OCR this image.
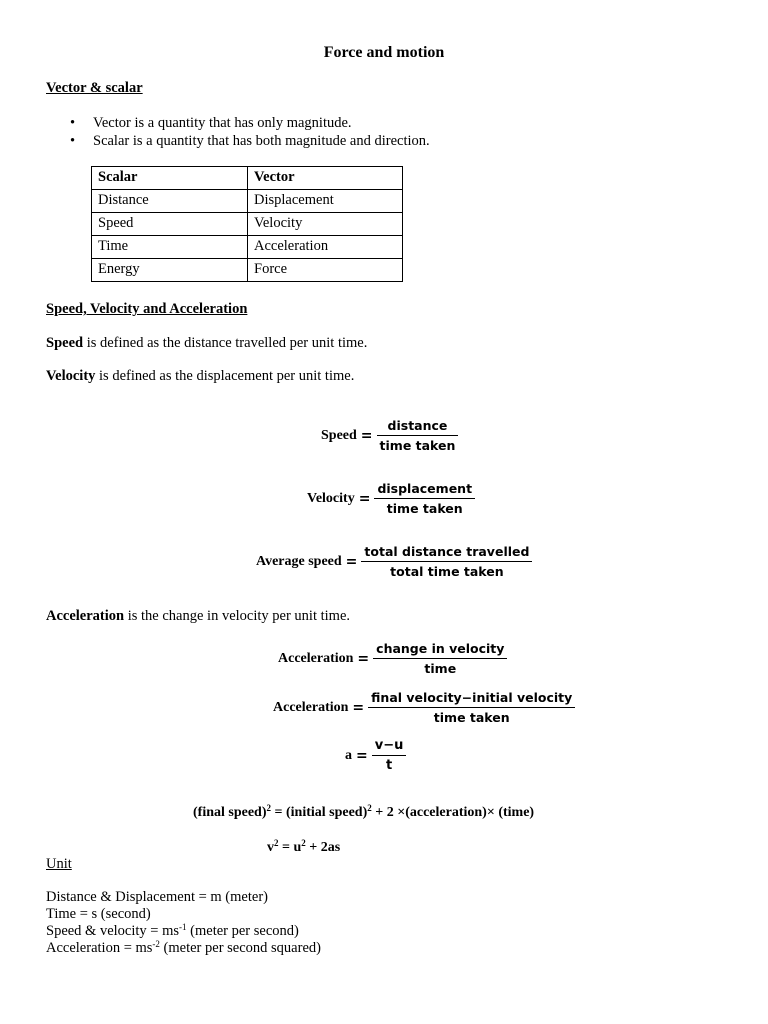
Force and motion
Vector & scalar
• Vector is a quantity that has only magnitude.
• Scalar is a quantity that has both magnitude and direction.
Scalar	Vector
Distance	Displacement
Speed	Velocity
Time	Acceleration
Energy	Force
Speed, Velocity and Acceleration
Speed is defined as the distance travelled per unit time.
Velocity is defined as the displacement per unit time.
Speed = $\frac{\text{distance}}{\text{time taken}}$
Velocity = $\frac{\text{displacement}}{\text{time taken}}$
Average speed = $\frac{\text{total distance travelled}}{\text{total time taken}}$
Acceleration is the change in velocity per unit time.
Acceleration = $\frac{\text{change in velocity}}{\text{time}}$
Acceleration = $\frac{\text{final velocity−initial velocity}}{\text{time taken}}$
$a = \frac{v-u}{t}$
(final speed)$^2$ = (initial speed)$^2$ + 2 ×(acceleration)× (time)
$v^2 = u^2 + 2as$
Unit
Distance & Displacement = m (meter)
Time = s (second)
Speed & velocity = $ms^{-1}$ (meter per second)
Acceleration = $ms^{-2}$ (meter per second squared)
